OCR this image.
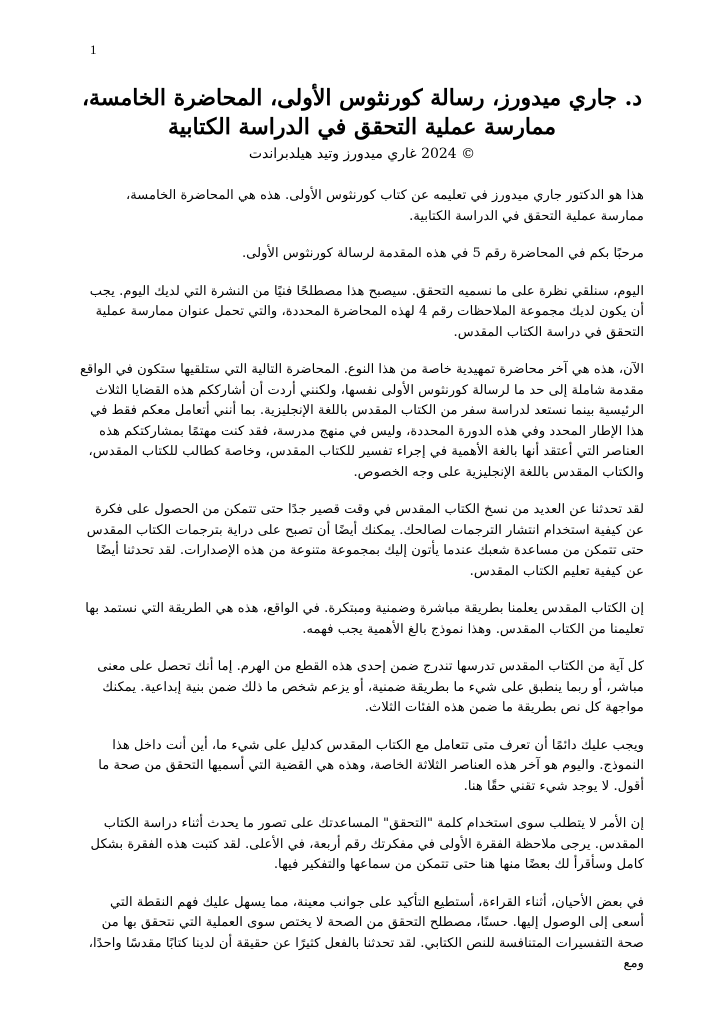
1

د. جاري ميدورز، رسالة كورنثوس الأولى، المحاضرة الخامسة،

ممارسة عملية التحقق في الدراسة الكتابية

© 2024 غاري ميدورز وتيد هيلدبراندت

هذا هو الدكتور جاري ميدورز في تعليمه عن كتاب كورنثوس الأولى. هذه هي المحاضرة الخامسة، ممارسة عملية التحقق في الدراسة الكتابية.

مرحبًا بكم في المحاضرة رقم 5 في هذه المقدمة لرسالة كورنثوس الأولى.

اليوم، سنلقي نظرة على ما نسميه التحقق. سيصبح هذا مصطلحًا فنيًا من النشرة التي لديك اليوم. يجب أن يكون لديك مجموعة الملاحظات رقم 4 لهذه المحاضرة المحددة، والتي تحمل عنوان ممارسة عملية التحقق في دراسة الكتاب المقدس.

الآن، هذه هي آخر محاضرة تمهيدية خاصة من هذا النوع. المحاضرة التالية التي ستلقيها ستكون في الواقع مقدمة شاملة إلى حد ما لرسالة كورنثوس الأولى نفسها، ولكنني أردت أن أشارككم هذه القضايا الثلاث الرئيسية بينما نستعد لدراسة سفر من الكتاب المقدس باللغة الإنجليزية. بما أنني أتعامل معكم فقط في هذا الإطار المحدد وفي هذه الدورة المحددة، وليس في منهج مدرسة، فقد كنت مهتمًا بمشاركتكم هذه العناصر التي أعتقد أنها بالغة الأهمية في إجراء تفسير للكتاب المقدس، وخاصة كطالب للكتاب المقدس، والكتاب المقدس باللغة الإنجليزية على وجه الخصوص.

لقد تحدثنا عن العديد من نسخ الكتاب المقدس في وقت قصير جدًا حتى تتمكن من الحصول على فكرة عن كيفية استخدام انتشار الترجمات لصالحك. يمكنك أيضًا أن تصبح على دراية بترجمات الكتاب المقدس حتى تتمكن من مساعدة شعبك عندما يأتون إليك بمجموعة متنوعة من هذه الإصدارات. لقد تحدثنا أيضًا عن كيفية تعليم الكتاب المقدس.

إن الكتاب المقدس يعلمنا بطريقة مباشرة وضمنية ومبتكرة. في الواقع، هذه هي الطريقة التي نستمد بها تعليمنا من الكتاب المقدس. وهذا نموذج بالغ الأهمية يجب فهمه.

كل آية من الكتاب المقدس تدرسها تندرج ضمن إحدى هذه القطع من الهرم. إما أنك تحصل على معنى مباشر، أو ربما ينطبق على شيء ما بطريقة ضمنية، أو يزعم شخص ما ذلك ضمن بنية إبداعية. يمكنك مواجهة كل نص بطريقة ما ضمن هذه الفئات الثلاث.

ويجب عليك دائمًا أن تعرف متى تتعامل مع الكتاب المقدس كدليل على شيء ما، أين أنت داخل هذا النموذج. واليوم هو آخر هذه العناصر الثلاثة الخاصة، وهذه هي القضية التي أسميها التحقق من صحة ما أقول. لا يوجد شيء تقني حقًا هنا.

إن الأمر لا يتطلب سوى استخدام كلمة "التحقق" المساعدتك على تصور ما يحدث أثناء دراسة الكتاب المقدس. يرجى ملاحظة الفقرة الأولى في مفكرتك رقم أربعة، في الأعلى. لقد كتبت هذه الفقرة بشكل كامل وسأقرأ لك بعضًا منها هنا حتى تتمكن من سماعها والتفكير فيها.

في بعض الأحيان، أثناء القراءة، أستطيع التأكيد على جوانب معينة، مما يسهل عليك فهم النقطة التي أسعى إلى الوصول إليها. حسنًا، مصطلح التحقق من الصحة لا يختص سوى العملية التي نتحقق بها من صحة التفسيرات المتنافسة للنص الكتابي. لقد تحدثنا بالفعل كثيرًا عن حقيقة أن لدينا كتابًا مقدسًا واحدًا، ومع
